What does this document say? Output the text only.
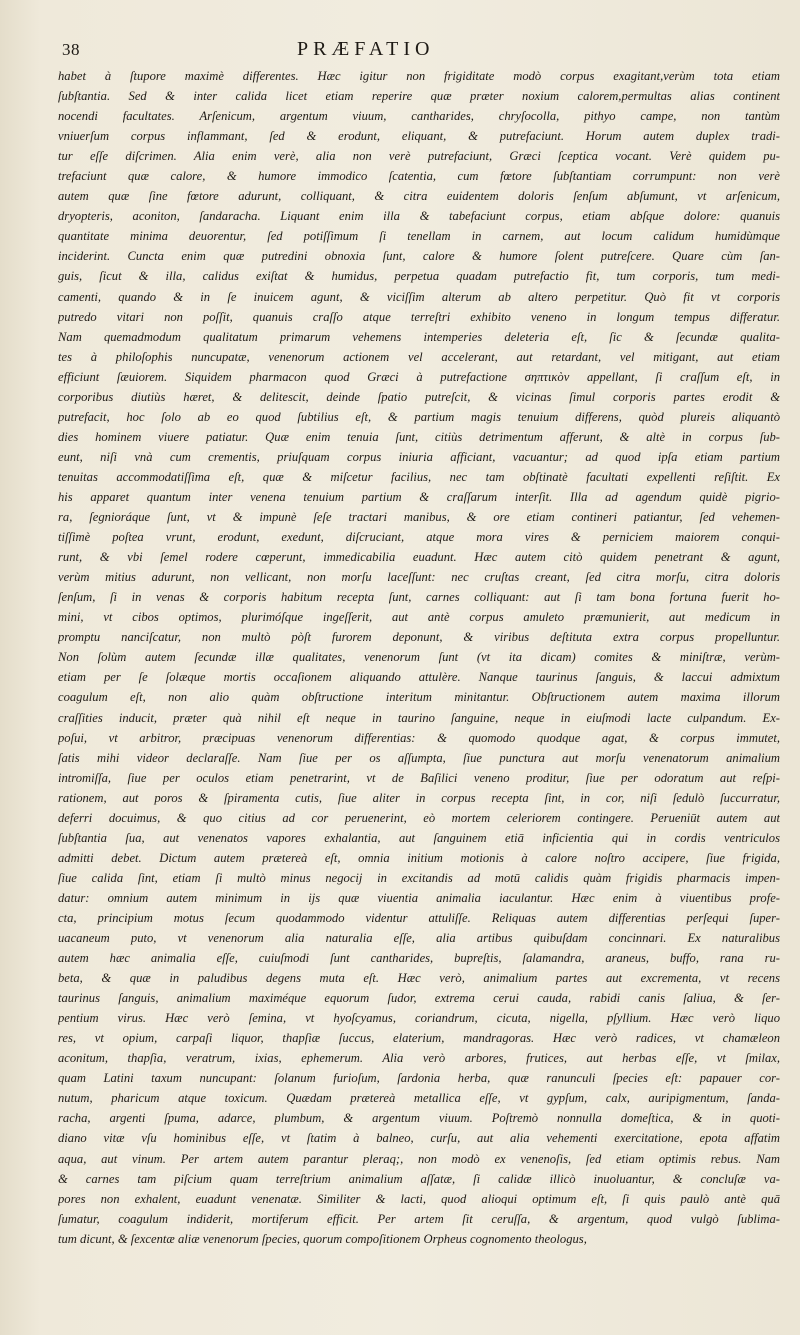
38	PRÆFATIO
habet à ſtupore maximè differentes. Hæc igitur non frigiditate modò corpus exagitant,verùm tota etiam
ſubſtantia. Sed & inter calida licet etiam reperire quæ præter noxium calorem,permultas alias continent
nocendi facultates. Arſenicum, argentum viuum, cantharides, chryſocolla, pithyo campe, non tantùm
vniuerſum corpus inflammant, ſed & erodunt, eliquant, & putrefaciunt. Horum autem duplex tradi-
tur eſſe diſcrimen. Alia enim verè, alia non verè putrefaciunt, Græci ſceptica vocant. Verè quidem pu-
trefaciunt quæ calore, & humore immodico ſcatentia, cum fœtore ſubſtantiam corrumpunt: non verè
autem quæ ſine fœtore adurunt, colliquant, & citra euidentem doloris ſenſum abſumunt, vt arſenicum,
dryopteris, aconiton, ſandaracha. Liquant enim illa & tabefaciunt corpus, etiam abſque dolore: quanuis
quantitate minima deuorentur, ſed potiſſimum ſi tenellam in carnem, aut locum calidum humidùmque
inciderint. Cuncta enim quæ putredini obnoxia ſunt, calore & humore ſolent putreſcere. Quare cùm ſan-
guis, ſicut & illa, calidus exiſtat & humidus, perpetua quadam putrefactio fit, tum corporis, tum medi-
camenti, quando & in ſe inuicem agunt, & viciſſim alterum ab altero perpetitur. Quò fit vt corporis
putredo vitari non poſſit, quanuis craſſo atque terreſtri exhibito veneno in longum tempus differatur.
Nam quemadmodum qualitatum primarum vehemens intemperies deleteria eſt, ſic & ſecundæ qualita-
tes à philoſophis nuncupatæ, venenorum actionem vel accelerant, aut retardant, vel mitigant, aut etiam
efficiunt ſæuiorem. Siquidem pharmacon quod Græci à putrefactione σηπτικὸν appellant, ſi craſſum eſt, in
corporibus diutiùs hæret, & delitescit, deinde ſpatio putreſcit, & vicinas ſimul corporis partes erodit &
putrefacit, hoc ſolo ab eo quod ſubtilius eſt, & partium magis tenuium differens, quòd plureis aliquantò
dies hominem viuere patiatur. Quæ enim tenuia ſunt, citiùs detrimentum afferunt, & altè in corpus ſub-
eunt, niſi vnà cum crementis, priuſquam corpus iniuria afficiant, vacuantur; ad quod ipſa etiam partium
tenuitas accommodatiſſima eſt, quæ & miſcetur facilius, nec tam obſtinatè facultati expellenti reſiſtit. Ex
his apparet quantum inter venena tenuium partium & craſſarum interſit. Illa ad agendum quidè pigrio-
ra, ſegnioráque ſunt, vt & impunè ſeſe tractari manibus, & ore etiam contineri patiantur, ſed vehemen-
tiſſimè poſtea vrunt, erodunt, exedunt, diſcruciant, atque mora vires & perniciem maiorem conqui-
runt, & vbi ſemel rodere cœperunt, immedicabilia euadunt. Hæc autem citò quidem penetrant & agunt,
verùm mitius adurunt, non vellicant, non morſu laceſſunt: nec cruſtas creant, ſed citra morſu, citra doloris
ſenſum, ſi in venas & corporis habitum recepta ſunt, carnes colliquant: aut ſi tam bona fortuna fuerit ho-
mini, vt cibos optimos, plurimóſque ingeſſerit, aut antè corpus amuleto præmunierit, aut medicum in
promptu nanciſcatur, non multò pòſt furorem deponunt, & viribus deſtituta extra corpus propelluntur.
Non ſolùm autem ſecundæ illæ qualitates, venenorum ſunt (vt ita dicam) comites & miniſtræ, verùm-
etiam per ſe ſolæque mortis occaſionem aliquando attulère. Nanque taurinus ſanguis, & laccui admixtum
coagulum eſt, non alio quàm obſtructione interitum minitantur. Obſtructionem autem maxima illorum
craſſities inducit, præter quà nihil eſt neque in taurino ſanguine, neque in eiuſmodi lacte culpandum. Ex-
poſui, vt arbitror, præcipuas venenorum differentias: & quomodo quodque agat, & corpus immutet,
ſatis mihi videor declaraſſe. Nam ſiue per os aſſumpta, ſiue punctura aut morſu venenatorum animalium
intromiſſa, ſiue per oculos etiam penetrarint, vt de Baſilici veneno proditur, ſiue per odoratum aut reſpi-
rationem, aut poros & ſpiramenta cutis, ſiue aliter in corpus recepta ſint, in cor, niſi ſedulò ſuccurratur,
deferri docuimus, & quo citius ad cor peruenerint, eò mortem celeriorem contingere. Perueniūt autem aut
ſubſtantia ſua, aut venenatos vapores exhalantia, aut ſanguinem etiā inficientia qui in cordis ventriculos
admitti debet. Dictum autem prætereà eſt, omnia initium motionis à calore noſtro accipere, ſiue frigida,
ſiue calida ſint, etiam ſi multò minus negocij in excitandis ad motū calidis quàm frigidis pharmacis impen-
datur: omnium autem minimum in ijs quæ viuentia animalia iaculantur. Hæc enim à viuentibus profe-
cta, principium motus ſecum quodammodo videntur attuliſſe. Reliquas autem differentias perſequi ſuper-
uacaneum puto, vt venenorum alia naturalia eſſe, alia artibus quibuſdam concinnari. Ex naturalibus
autem hæc animalia eſſe, cuiuſmodi ſunt cantharides, bupreſtis, ſalamandra, araneus, buffo, rana ru-
beta, & quæ in paludibus degens muta eſt. Hæc verò, animalium partes aut excrementa, vt recens
taurinus ſanguis, animalium maximéque equorum ſudor, extrema cerui cauda, rabidi canis ſaliua, & ſer-
pentium virus. Hæc verò ſemina, vt hyoſcyamus, coriandrum, cicuta, nigella, pſyllium. Hæc verò liquo
res, vt opium, carpaſi liquor, thapſiæ ſuccus, elaterium, mandragoras. Hæc verò radices, vt chamæleon
aconitum, thapſia, veratrum, ixias, ephemerum. Alia verò arbores, frutices, aut herbas eſſe, vt ſmilax,
quam Latini taxum nuncupant: ſolanum furioſum, ſardonia herba, quæ ranunculi ſpecies eſt: papauer cor-
nutum, pharicum atque toxicum. Quædam prætereà metallica eſſe, vt gypſum, calx, auripigmentum, ſanda-
racha, argenti ſpuma, adarce, plumbum, & argentum viuum. Poſtremò nonnulla domeſtica, & in quoti-
diano vitæ vſu hominibus eſſe, vt ſtatim à balneo, curſu, aut alia vehementi exercitatione, epota affatim
aqua, aut vinum. Per artem autem parantur pleraq;, non modò ex venenoſis, ſed etiam optimis rebus. Nam
& carnes tam piſcium quam terreſtrium animalium aſſatæ, ſi calidæ illicò inuoluantur, & concluſæ va-
pores non exhalent, euadunt venenatæ. Similiter & lacti, quod alioqui optimum eſt, ſi quis paulò antè quā
ſumatur, coagulum indiderit, mortiferum efficit. Per artem ſit ceruſſa, & argentum, quod vulgò ſublima-
tum dicunt, & ſexcentæ aliæ venenorum ſpecies, quorum compoſitionem Orpheus cognomento theologus,
